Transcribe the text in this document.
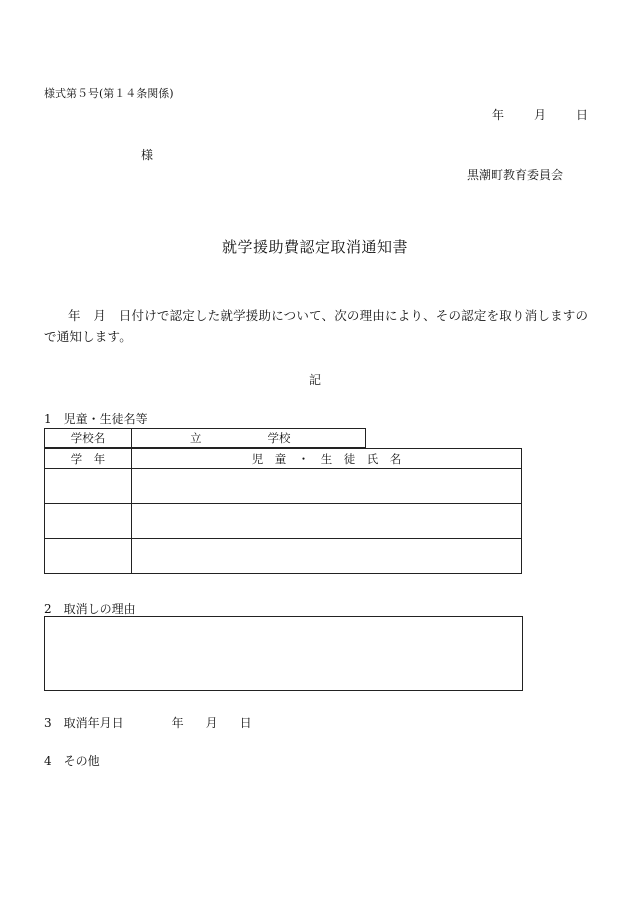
様式第５号(第１４条関係)
年	月	日
様
黒潮町教育委員会
就学援助費認定取消通知書
年　月　日付けで認定した就学援助について、次の理由により、その認定を取り消しますので通知します。
記
1　児童・生徒名等
学校名	立	学校
学　年	児　童　・　生　徒　氏　名

2　取消しの理由
3　取消年月日	年 月 日
4　その他
